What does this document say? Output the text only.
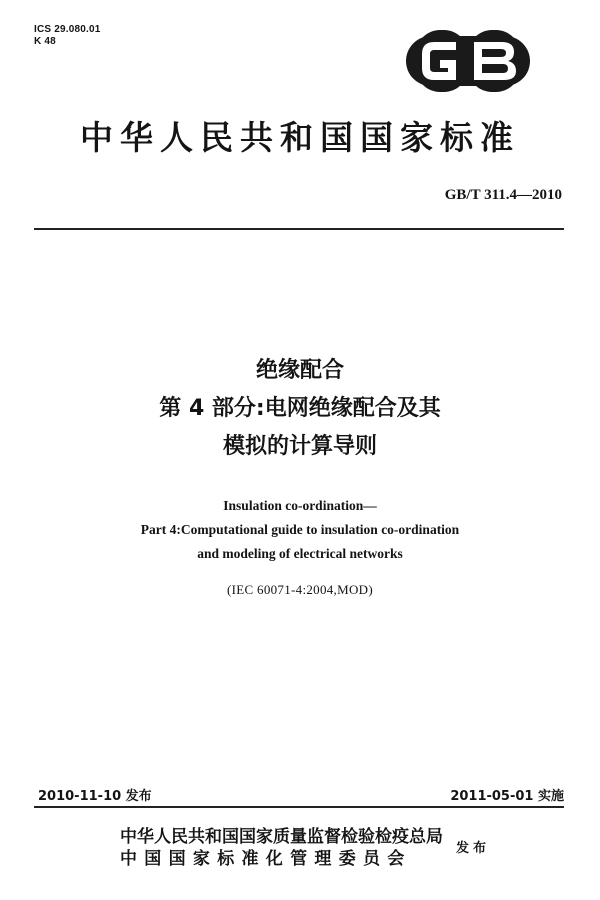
ICS 29.080.01
K 48
中华人民共和国国家标准
GB/T 311.4—2010
绝缘配合
第 4 部分:电网绝缘配合及其
模拟的计算导则
Insulation co-ordination—
Part 4:Computational guide to insulation co-ordination
and modeling of electrical networks
(IEC 60071-4:2004,MOD)
2010-11-10 发布	2011-05-01 实施
中华人民共和国国家质量监督检验检疫总局
中国国家标准化管理委员会
发布
